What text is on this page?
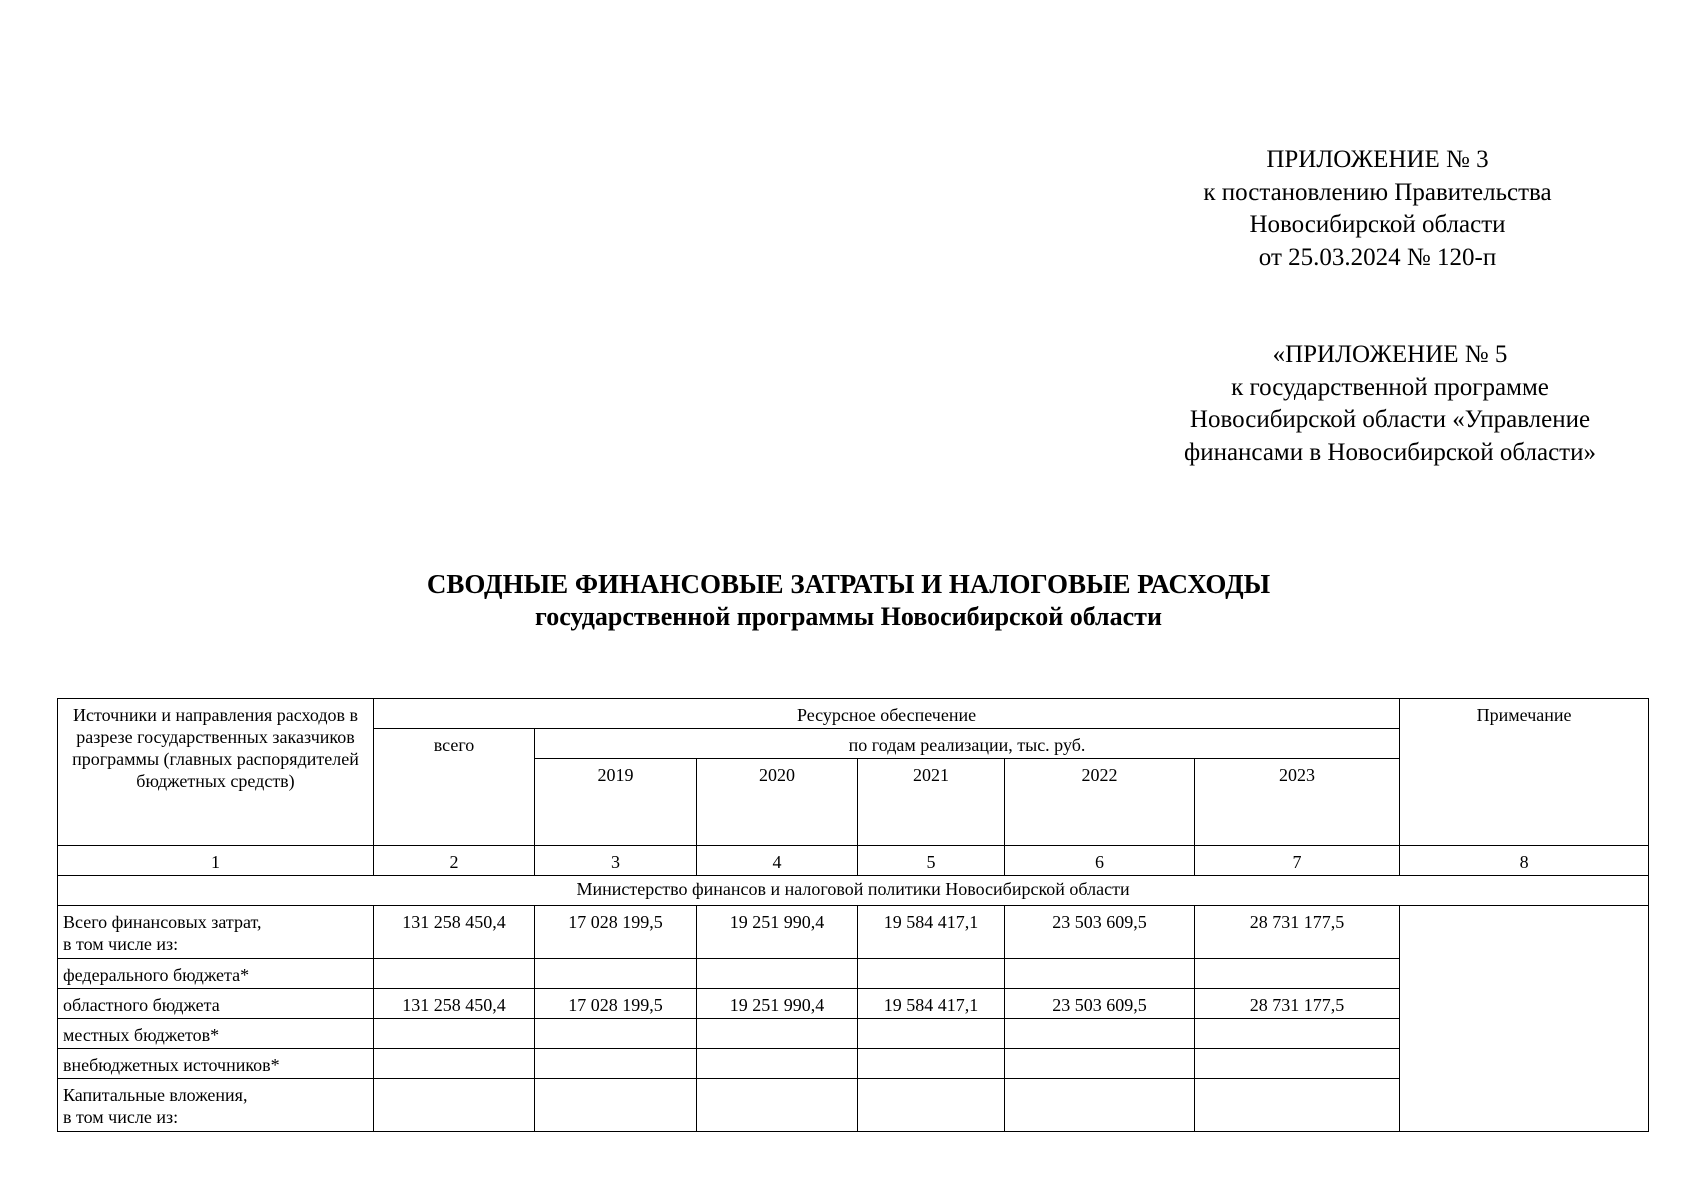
ПРИЛОЖЕНИЕ № 3
к постановлению Правительства
Новосибирской области
от 25.03.2024 № 120-п
«ПРИЛОЖЕНИЕ № 5
к государственной программе
Новосибирской области «Управление
финансами в Новосибирской области»
СВОДНЫЕ ФИНАНСОВЫЕ ЗАТРАТЫ И НАЛОГОВЫЕ РАСХОДЫ
государственной программы Новосибирской области
Источники и направления расходов в разрезе государственных заказчиков программы (главных распорядителей бюджетных средств)	Ресурсное обеспечение						Примечание
	всего	по годам реализации, тыс. руб.					
		2019	2020	2021	2022	2023	
1	2	3	4	5	6	7	8
Министерство финансов и налоговой политики Новосибирской области							

Всего финансовых затрат,
в том числе из:	131 258 450,4	17 028 199,5	19 251 990,4	19 584 417,1	23 503 609,5	28 731 177,5	
федерального бюджета*							
областного бюджета	131 258 450,4	17 028 199,5	19 251 990,4	19 584 417,1	23 503 609,5	28 731 177,5	
местных бюджетов*							
внебюджетных источников*							

Капитальные вложения,
в том числе из:							
